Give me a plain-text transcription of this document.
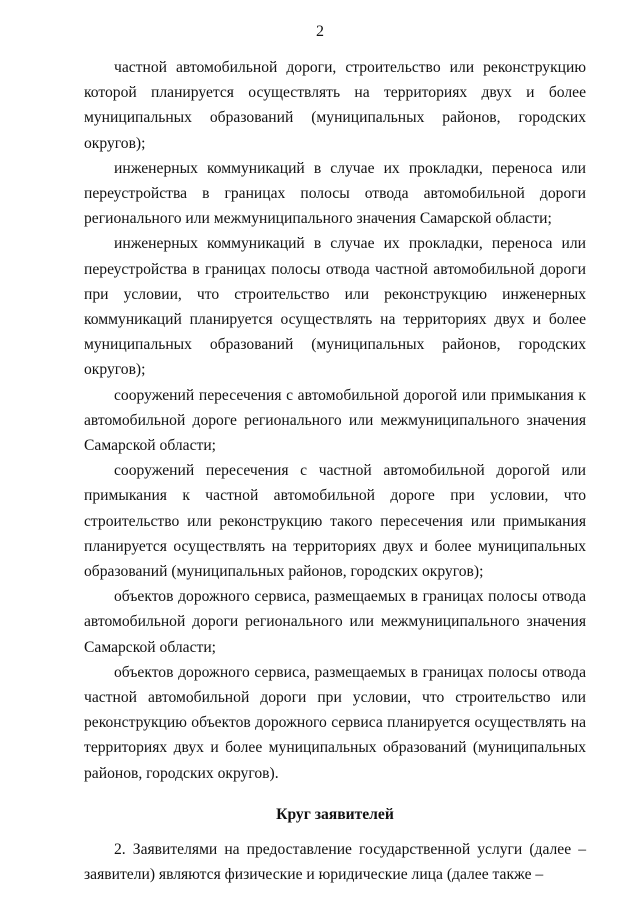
2

частной автомобильной дороги, строительство или реконструкцию которой планируется осуществлять на территориях двух и более муниципальных образований (муниципальных районов, городских округов);

инженерных коммуникаций в случае их прокладки, переноса или переустройства в границах полосы отвода автомобильной дороги регионального или межмуниципального значения Самарской области;

инженерных коммуникаций в случае их прокладки, переноса или переустройства в границах полосы отвода частной автомобильной дороги при условии, что строительство или реконструкцию инженерных коммуникаций планируется осуществлять на территориях двух и более муниципальных образований (муниципальных районов, городских округов);

сооружений пересечения с автомобильной дорогой или примыкания к автомобильной дороге регионального или межмуниципального значения Самарской области;

сооружений пересечения с частной автомобильной дорогой или примыкания к частной автомобильной дороге при условии, что строительство или реконструкцию такого пересечения или примыкания планируется осуществлять на территориях двух и более муниципальных образований (муниципальных районов, городских округов);

объектов дорожного сервиса, размещаемых в границах полосы отвода автомобильной дороги регионального или межмуниципального значения Самарской области;

объектов дорожного сервиса, размещаемых в границах полосы отвода частной автомобильной дороги при условии, что строительство или реконструкцию объектов дорожного сервиса планируется осуществлять на территориях двух и более муниципальных образований (муниципальных районов, городских округов).

Круг заявителей

2. Заявителями на предоставление государственной услуги (далее – заявители) являются физические и юридические лица (далее также –
